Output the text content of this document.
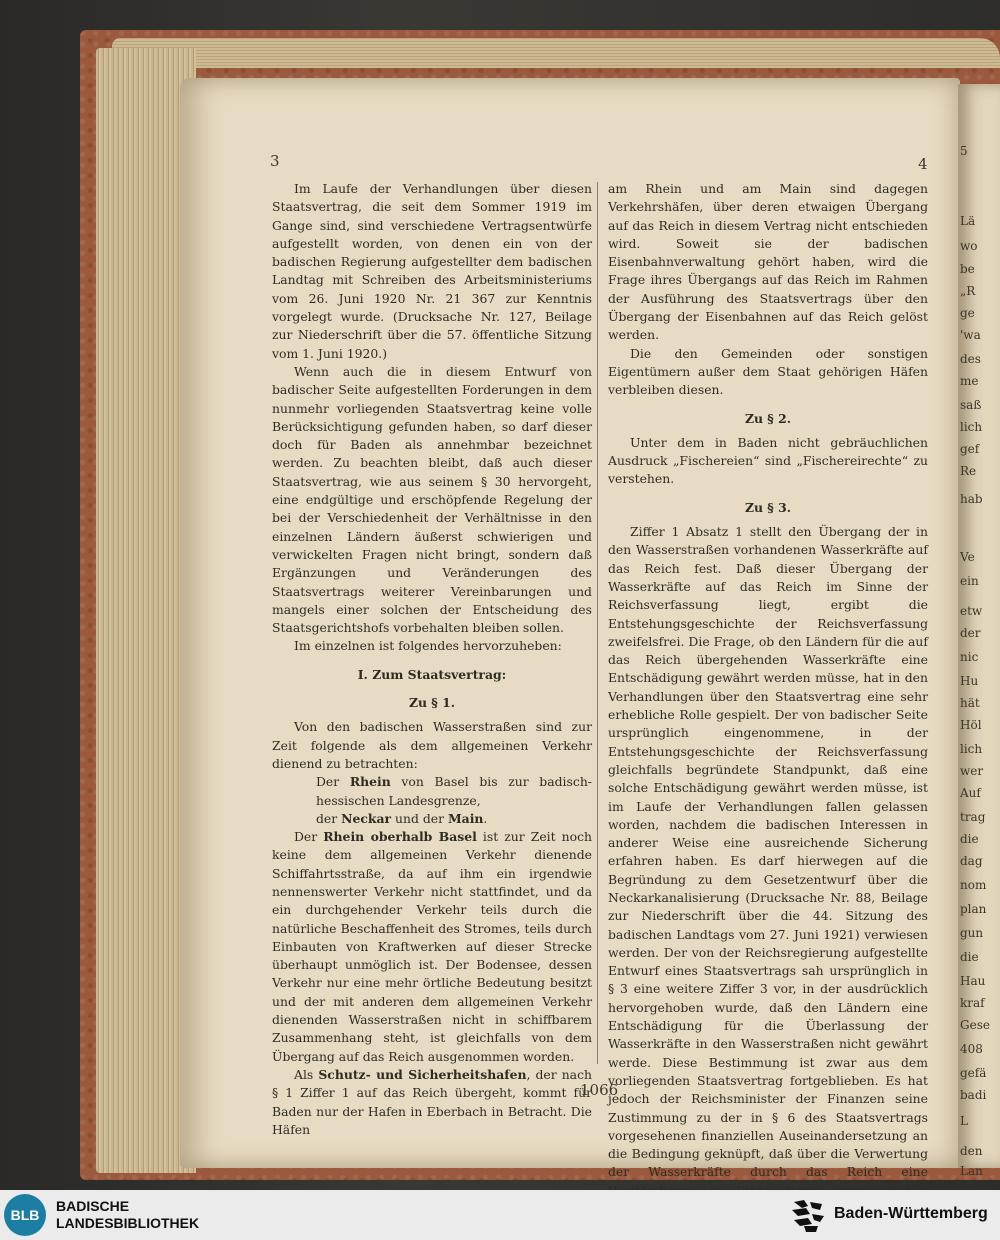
5
Lä
wo
be
„R
ge
'wa
des
me
saß
lich
gef
Re
hab
Ve
ein
etw
der
nic
Hu
hät
Höl
lich
wer
Auf
trag
die
dag
nom
plan
gun
die
Hau
kraf
Gese
408
gefä
badi
L
den
Lan
3	4

Im Laufe der Verhandlungen über diesen Staatsvertrag, die seit dem Sommer 1919 im Gange sind, sind verschiedene Vertragsentwürfe aufgestellt worden, von denen ein von der badischen Regierung aufgestellter dem badischen Landtag mit Schreiben des Arbeitsministeriums vom 26. Juni 1920 Nr. 21 367 zur Kenntnis vorgelegt wurde. (Drucksache Nr. 127, Beilage zur Niederschrift über die 57. öffentliche Sitzung vom 1. Juni 1920.)

Wenn auch die in diesem Entwurf von badischer Seite aufgestellten Forderungen in dem nunmehr vorliegenden Staatsvertrag keine volle Berücksichtigung gefunden haben, so darf dieser doch für Baden als annehmbar bezeichnet werden. Zu beachten bleibt, daß auch dieser Staatsvertrag, wie aus seinem § 30 hervorgeht, eine endgültige und erschöpfende Regelung der bei der Verschiedenheit der Verhältnisse in den einzelnen Ländern äußerst schwierigen und verwickelten Fragen nicht bringt, sondern daß Ergänzungen und Veränderungen des Staatsvertrags weiterer Vereinbarungen und mangels einer solchen der Entscheidung des Staatsgerichtshofs vorbehalten bleiben sollen.

Im einzelnen ist folgendes hervorzuheben:

I. Zum Staatsvertrag:

Zu § 1.

Von den badischen Wasserstraßen sind zur Zeit folgende als dem allgemeinen Verkehr dienend zu betrachten:

Der Rhein von Basel bis zur badisch-hessischen Landesgrenze,

der Neckar und der Main.

Der Rhein oberhalb Basel ist zur Zeit noch keine dem allgemeinen Verkehr dienende Schiffahrtsstraße, da auf ihm ein irgendwie nennenswerter Verkehr nicht stattfindet, und da ein durchgehender Verkehr teils durch die natürliche Beschaffenheit des Stromes, teils durch Einbauten von Kraftwerken auf dieser Strecke überhaupt unmöglich ist. Der Bodensee, dessen Verkehr nur eine mehr örtliche Bedeutung besitzt und der mit anderen dem allgemeinen Verkehr dienenden Wasserstraßen nicht in schiffbarem Zusammenhang steht, ist gleichfalls von dem Übergang auf das Reich ausgenommen worden.

Als Schutz- und Sicherheitshafen, der nach § 1 Ziffer 1 auf das Reich übergeht, kommt für Baden nur der Hafen in Eberbach in Betracht. Die Häfen

am Rhein und am Main sind dagegen Verkehrshäfen, über deren etwaigen Übergang auf das Reich in diesem Vertrag nicht entschieden wird. Soweit sie der badischen Eisenbahnverwaltung gehört haben, wird die Frage ihres Übergangs auf das Reich im Rahmen der Ausführung des Staatsvertrags über den Übergang der Eisenbahnen auf das Reich gelöst werden.

Die den Gemeinden oder sonstigen Eigentümern außer dem Staat gehörigen Häfen verbleiben diesen.

Zu § 2.

Unter dem in Baden nicht gebräuchlichen Ausdruck „Fischereien“ sind „Fischereirechte“ zu verstehen.

Zu § 3.

Ziffer 1 Absatz 1 stellt den Übergang der in den Wasserstraßen vorhandenen Wasserkräfte auf das Reich fest. Daß dieser Übergang der Wasserkräfte auf das Reich im Sinne der Reichsverfassung liegt, ergibt die Entstehungsgeschichte der Reichsverfassung zweifelsfrei. Die Frage, ob den Ländern für die auf das Reich übergehenden Wasserkräfte eine Entschädigung gewährt werden müsse, hat in den Verhandlungen über den Staatsvertrag eine sehr erhebliche Rolle gespielt. Der von badischer Seite ursprünglich eingenommene, in der Entstehungsgeschichte der Reichsverfassung gleichfalls begründete Standpunkt, daß eine solche Entschädigung gewährt werden müsse, ist im Laufe der Verhandlungen fallen gelassen worden, nachdem die badischen Interessen in anderer Weise eine ausreichende Sicherung erfahren haben. Es darf hierwegen auf die Begründung zu dem Gesetzentwurf über die Neckarkanalisierung (Drucksache Nr. 88, Beilage zur Niederschrift über die 44. Sitzung des badischen Landtags vom 27. Juni 1921) verwiesen werden. Der von der Reichsregierung aufgestellte Entwurf eines Staatsvertrags sah ursprünglich in § 3 eine weitere Ziffer 3 vor, in der ausdrücklich hervorgehoben wurde, daß den Ländern eine Entschädigung für die Überlassung der Wasserkräfte in den Wasserstraßen nicht gewährt werde. Diese Bestimmung ist zwar aus dem vorliegenden Staatsvertrag fortgeblieben. Es hat jedoch der Reichsminister der Finanzen seine Zustimmung zu der in § 6 des Staatsvertrags vorgesehenen finanziellen Auseinandersetzung an die Bedingung geknüpft, daß über die Verwertung der Wasserkräfte durch das Reich eine

1066
BLB
BADISCHE
LANDESBIBLIOTHEK
Baden-Württemberg
